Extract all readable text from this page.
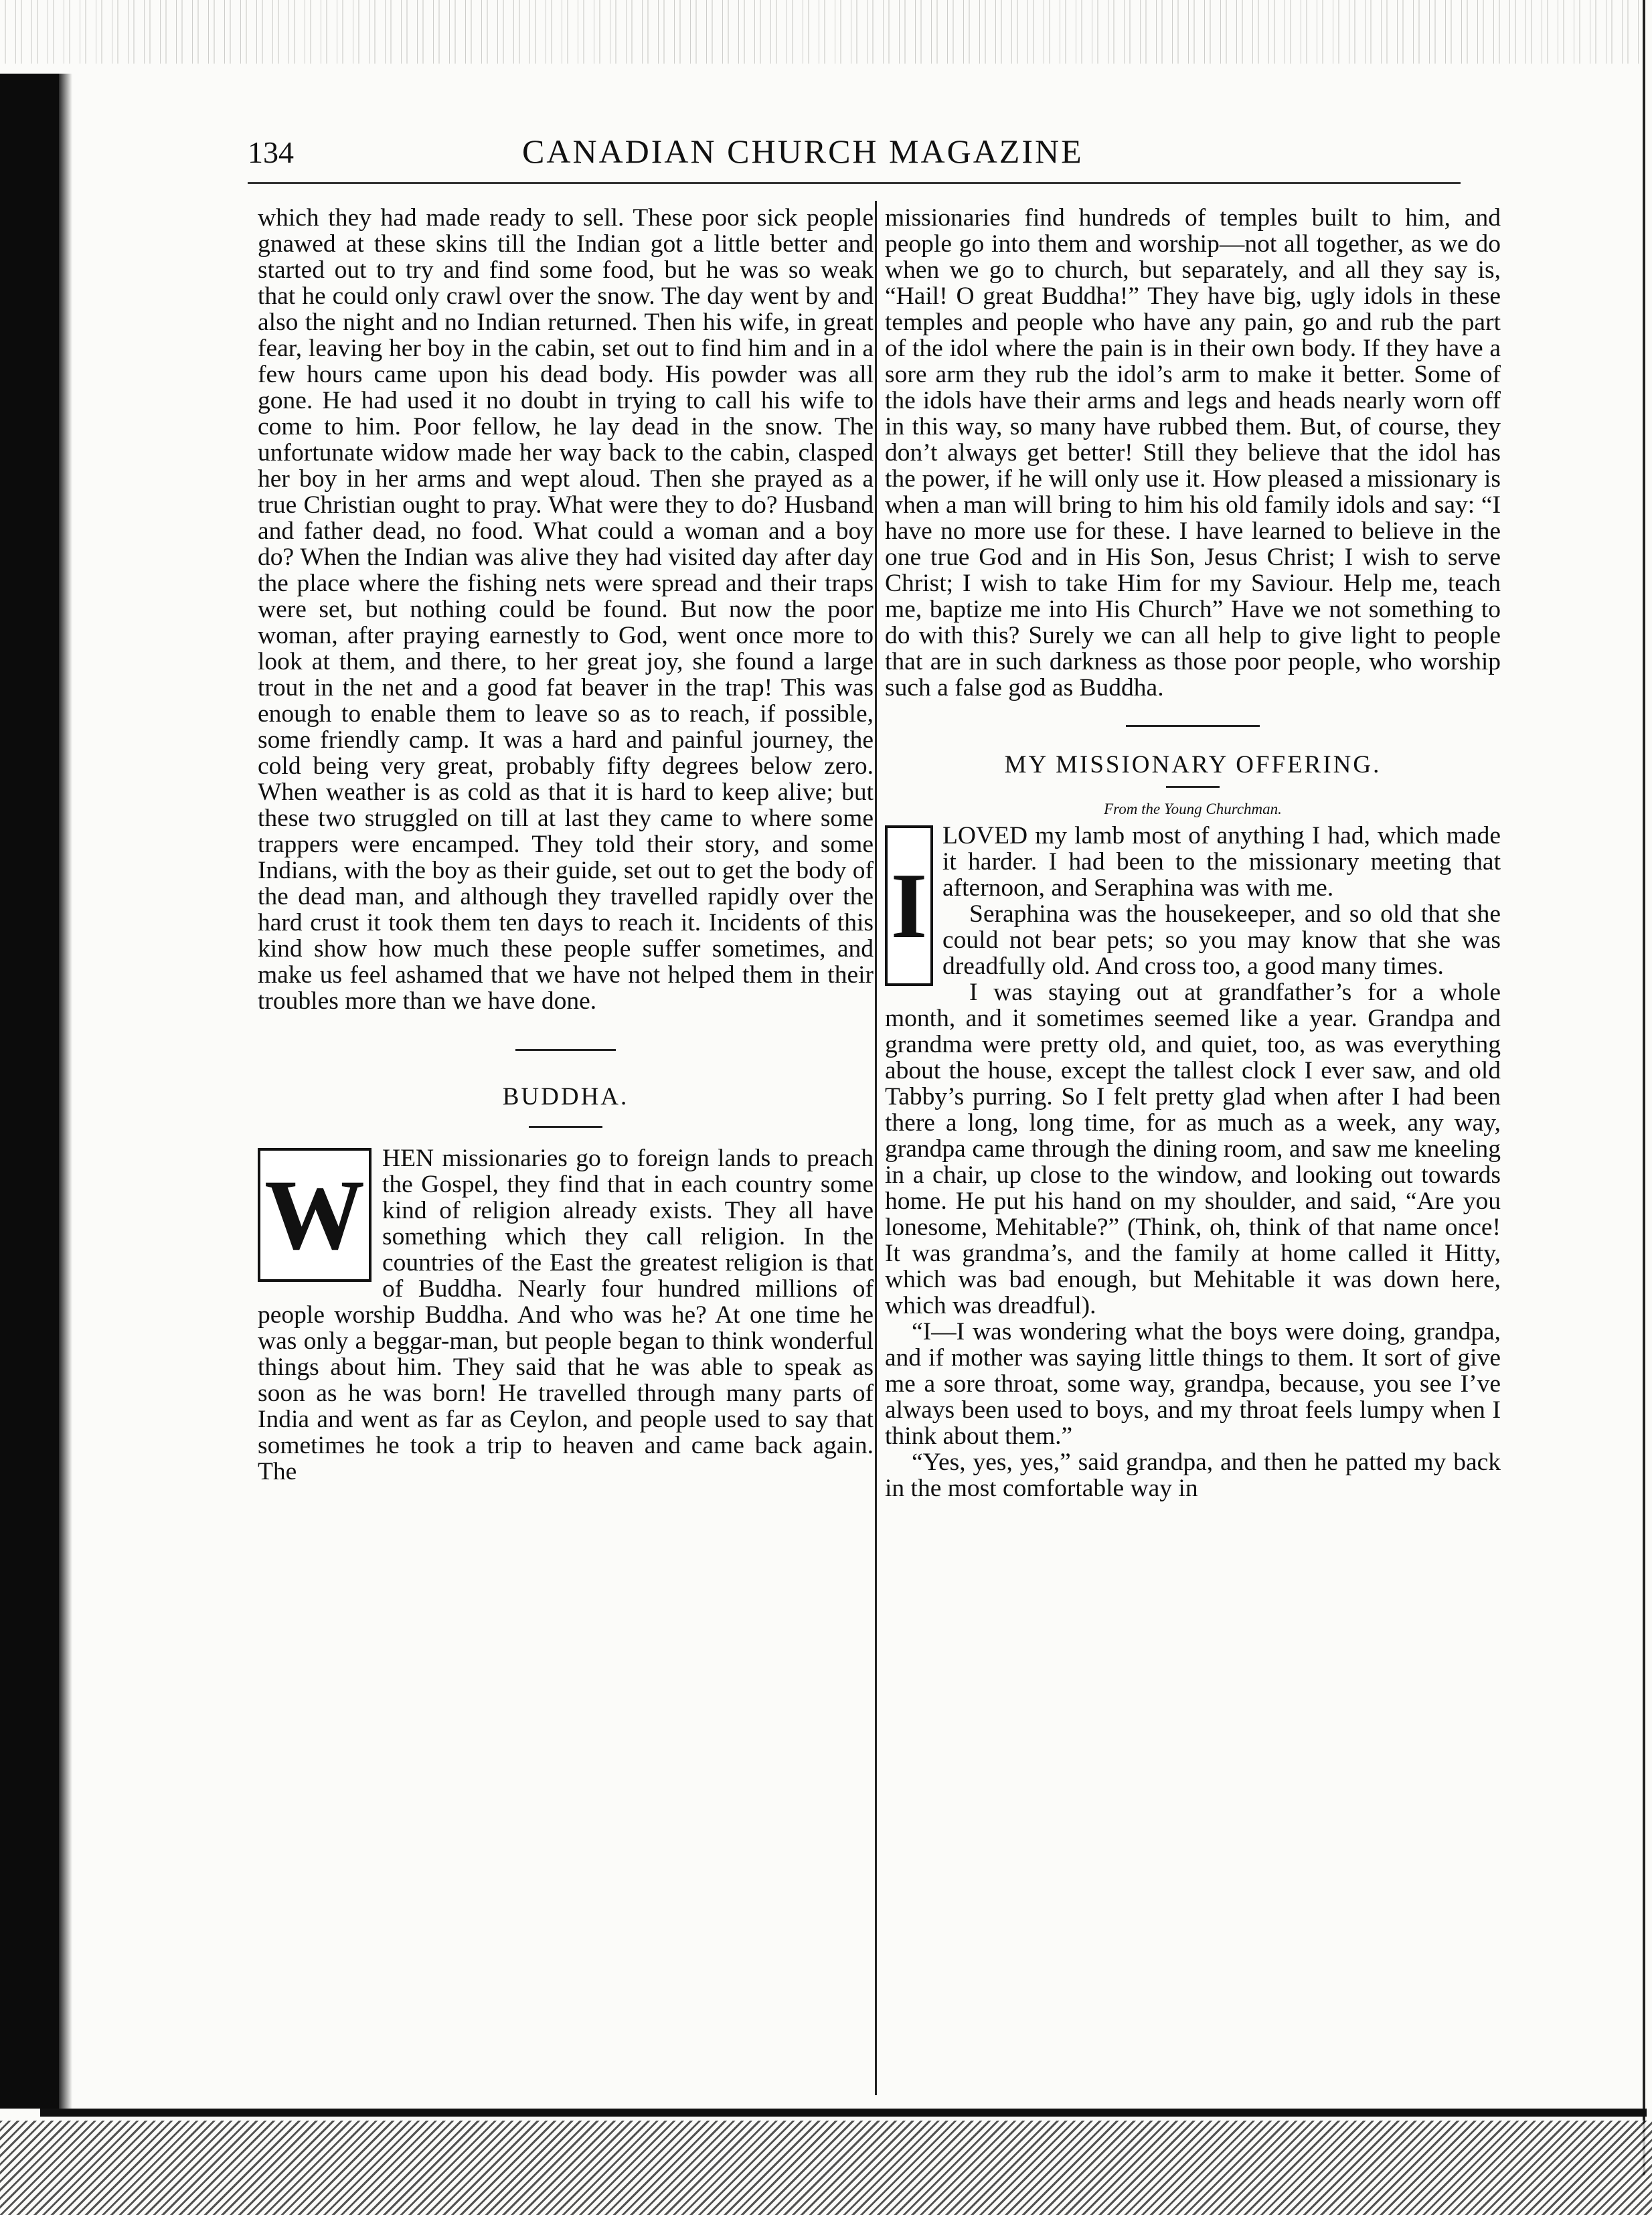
134	CANADIAN CHURCH MAGAZINE

which they had made ready to sell. These poor sick people gnawed at these skins till the Indian got a little better and started out to try and find some food, but he was so weak that he could only crawl over the snow. The day went by and also the night and no Indian returned. Then his wife, in great fear, leaving her boy in the cabin, set out to find him and in a few hours came upon his dead body. His powder was all gone. He had used it no doubt in trying to call his wife to come to him. Poor fellow, he lay dead in the snow. The unfortunate widow made her way back to the cabin, clasped her boy in her arms and wept aloud. Then she prayed as a true Christian ought to pray. What were they to do? Husband and father dead, no food. What could a woman and a boy do? When the Indian was alive they had visited day after day the place where the fishing nets were spread and their traps were set, but nothing could be found. But now the poor woman, after praying earnestly to God, went once more to look at them, and there, to her great joy, she found a large trout in the net and a good fat beaver in the trap! This was enough to enable them to leave so as to reach, if possible, some friendly camp. It was a hard and painful journey, the cold being very great, probably fifty degrees below zero. When weather is as cold as that it is hard to keep alive; but these two struggled on till at last they came to where some trappers were encamped. They told their story, and some Indians, with the boy as their guide, set out to get the body of the dead man, and although they travelled rapidly over the hard crust it took them ten days to reach it. Incidents of this kind show how much these people suffer sometimes, and make us feel ashamed that we have not helped them in their troubles more than we have done.

BUDDHA.

W

HEN missionaries go to foreign lands to preach the Gospel, they find that in each country some kind of religion already exists. They all have something which they call religion. In the countries of the East the greatest religion is that of Buddha. Nearly four hundred millions of people worship Buddha. And who was he? At one time he was only a beggar-man, but people began to think wonderful things about him. They said that he was able to speak as soon as he was born! He travelled through many parts of India and went as far as Ceylon, and people used to say that sometimes he took a trip to heaven and came back again. The

missionaries find hundreds of temples built to him, and people go into them and worship—not all together, as we do when we go to church, but separately, and all they say is, “Hail! O great Buddha!” They have big, ugly idols in these temples and people who have any pain, go and rub the part of the idol where the pain is in their own body. If they have a sore arm they rub the idol’s arm to make it better. Some of the idols have their arms and legs and heads nearly worn off in this way, so many have rubbed them. But, of course, they don’t always get better! Still they believe that the idol has the power, if he will only use it. How pleased a missionary is when a man will bring to him his old family idols and say: “I have no more use for these. I have learned to believe in the one true God and in His Son, Jesus Christ; I wish to serve Christ; I wish to take Him for my Saviour. Help me, teach me, baptize me into His Church” Have we not something to do with this? Surely we can all help to give light to people that are in such darkness as those poor people, who worship such a false god as Buddha.

MY MISSIONARY OFFERING.

From the Young Churchman.

I

LOVED my lamb most of anything I had, which made it harder. I had been to the missionary meeting that afternoon, and Seraphina was with me.

Seraphina was the housekeeper, and so old that she could not bear pets; so you may know that she was dreadfully old. And cross too, a good many times.

I was staying out at grandfather’s for a whole month, and it sometimes seemed like a year. Grandpa and grandma were pretty old, and quiet, too, as was everything about the house, except the tallest clock I ever saw, and old Tabby’s purring. So I felt pretty glad when after I had been there a long, long time, for as much as a week, any way, grandpa came through the dining room, and saw me kneeling in a chair, up close to the window, and looking out towards home. He put his hand on my shoulder, and said, “Are you lonesome, Mehitable?” (Think, oh, think of that name once! It was grandma’s, and the family at home called it Hitty, which was bad enough, but Mehitable it was down here, which was dreadful).

“I—I was wondering what the boys were doing, grandpa, and if mother was saying little things to them. It sort of give me a sore throat, some way, grandpa, because, you see I’ve always been used to boys, and my throat feels lumpy when I think about them.”

“Yes, yes, yes,” said grandpa, and then he patted my back in the most comfortable way in
